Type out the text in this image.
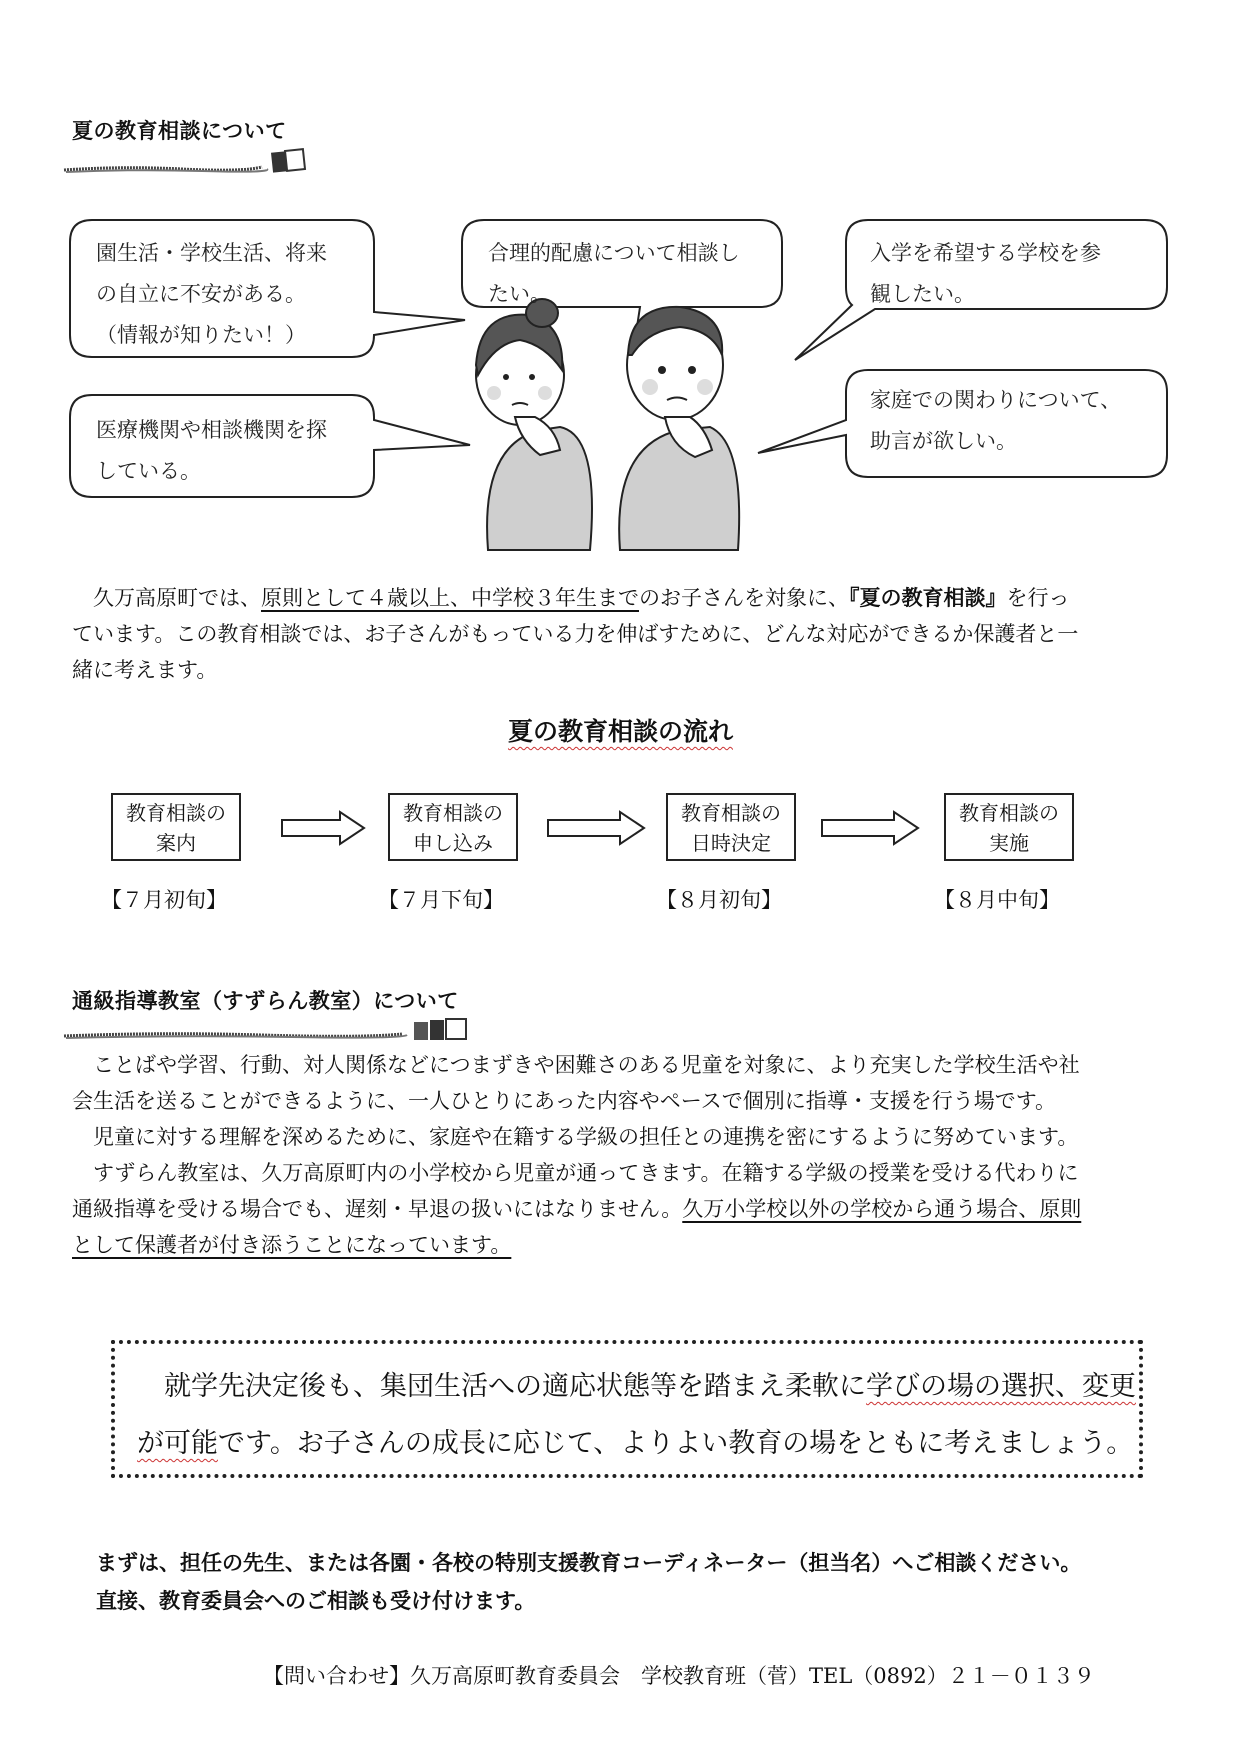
夏の教育相談について
園生活・学校生活、将来
の自立に不安がある。
（情報が知りたい！）
合理的配慮について相談し
たい。
入学を希望する学校を参
観したい。
医療機関や相談機関を探
している。
家庭での関わりについて、
助言が欲しい。
　久万高原町では、原則として４歳以上、中学校３年生までのお子さんを対象に、『夏の教育相談』を行っ
ています。この教育相談では、お子さんがもっている力を伸ばすために、どんな対応ができるか保護者と一
緒に考えます。
夏の教育相談の流れ
教育相談の
案内
教育相談の
申し込み
教育相談の
日時決定
教育相談の
実施
【７月初旬】	【７月下旬】	【８月初旬】	【８月中旬】
通級指導教室（すずらん教室）について
　ことばや学習、行動、対人関係などにつまずきや困難さのある児童を対象に、より充実した学校生活や社
会生活を送ることができるように、一人ひとりにあった内容やペースで個別に指導・支援を行う場です。
　児童に対する理解を深めるために、家庭や在籍する学級の担任との連携を密にするように努めています。
　すずらん教室は、久万高原町内の小学校から児童が通ってきます。在籍する学級の授業を受ける代わりに
通級指導を受ける場合でも、遅刻・早退の扱いにはなりません。久万小学校以外の学校から通う場合、原則
として保護者が付き添うことになっています。
　就学先決定後も、集団生活への適応状態等を踏まえ柔軟に学びの場の選択、変更
が可能です。お子さんの成長に応じて、よりよい教育の場をともに考えましょう。
まずは、担任の先生、または各園・各校の特別支援教育コーディネーター（担当名）へご相談ください。
直接、教育委員会へのご相談も受け付けます。
【問い合わせ】久万高原町教育委員会　学校教育班（菅）TEL（0892）２１－０１３９
